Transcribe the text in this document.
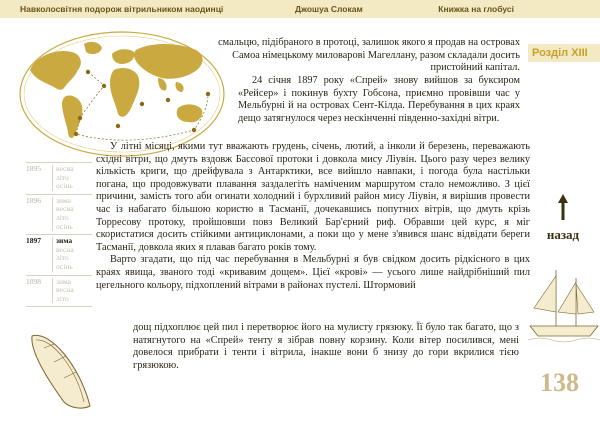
Навколосвітня подорож вітрильником наодинці	Джошуа Слокам	Книжка на глобусі
Розділ XIII

смальцю, підібраного в протоці, залишок якого я продав на островах Самоа німецькому миловарові Магеллану, разом складали досить пристойний капітал.

24 січня 1897 року «Спрей» знову вийшов за буксиром «Рейсер» і покинув бухту Гобсона, приємно провівши час у Мельбурні й на островах Сент-Кілда. Перебування в цих краях дещо затягнулося через нескінченні південно-західні вітри.

У літні місяці, якими тут вважають грудень, січень, лютий, а інколи й березень, переважають східні вітри, що дмуть вздовж Бассової протоки і довкола мису Ліувін. Цього разу через велику кількість криги, що дрейфувала з Антарктики, все вийшло навпаки, і погода була настільки погана, що продовжувати плавання заздалегіть наміченим маршрутом стало неможливо. З цієї причини, замість того аби огинати холодний і бурхливий район мису Ліувін, я вирішив провести час із набагато більшою користю в Тасманії, дочекавшись попутних вітрів, що дмуть крізь Торресову протоку, пройшовши повз Великий Бар'єрний риф. Обравши цей курс, я міг скористатися досить стійкими антициклонами, а поки що у мене з'явився шанс відвідати береги Тасманії, довкола яких я плавав багато років тому.

Варто згадати, що під час перебування в Мельбурні я був свідком досить рідкісного в цих краях явища, званого тоді «кривавим дощем». Цієї «крові» — усього лише найдрібніший пил цегельного кольору, підхоплений вітрами в районах пустелі. Штормовий

дощ підхоплює цей пил і перетворює його на мулисту грязюку. Її було так багато, що з натягнутого на «Спрей» тенту я зібрав повну корзину. Коли вітер посилився, мені довелося прибрати і тенти і вітрила, інакше вони б знизу до гори вкрилися тією грязюкою.

1895	весна
літо
осінь
1896	зима
весна
літо
осінь
1897	зима
весна
літо
осінь
1898	зима
весна
літо
назад
138
